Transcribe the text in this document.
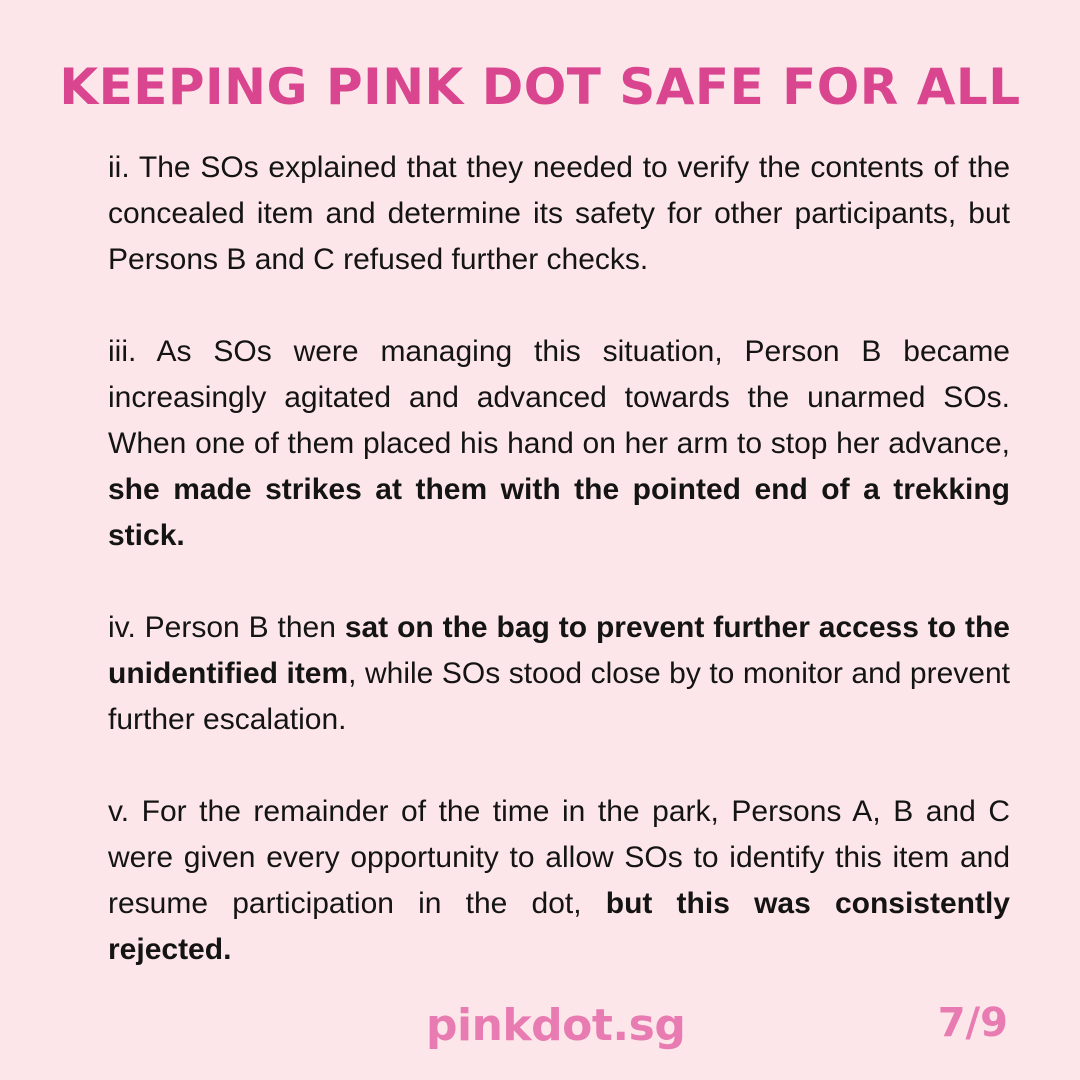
KEEPING PINK DOT SAFE FOR ALL

ii. The SOs explained that they needed to verify the contents of the concealed item and determine its safety for other participants, but Persons B and C refused further checks.

iii. As SOs were managing this situation, Person B became increasingly agitated and advanced towards the unarmed SOs. When one of them placed his hand on her arm to stop her advance, she made strikes at them with the pointed end of a trekking stick.

iv. Person B then sat on the bag to prevent further access to the unidentified item, while SOs stood close by to monitor and prevent further escalation.

v. For the remainder of the time in the park, Persons A, B and C were given every opportunity to allow SOs to identify this item and resume participation in the dot, but this was consistently rejected.

pinkdot.sg	7/9
